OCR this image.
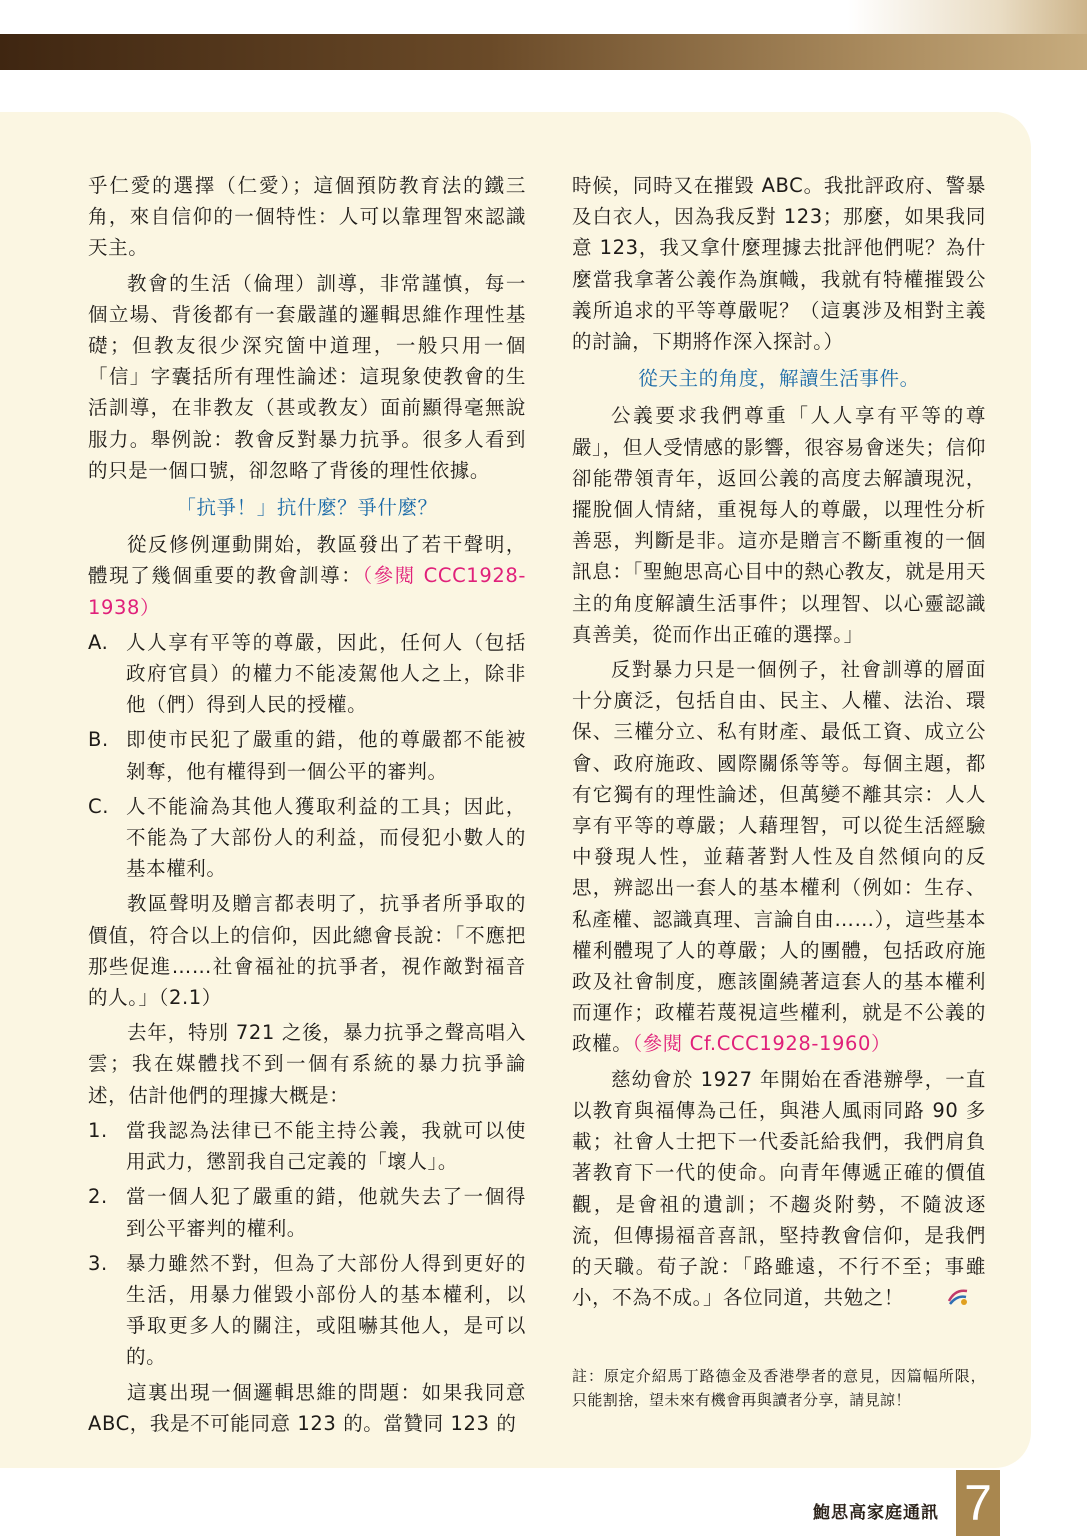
乎仁愛的選擇（仁愛）；這個預防教育法的鐵三角，來自信仰的一個特性：人可以靠理智來認識天主。

教會的生活（倫理）訓導，非常謹慎，每一個立場、背後都有一套嚴謹的邏輯思維作理性基礎；但教友很少深究箇中道理，一般只用一個「信」字囊括所有理性論述：這現象使教會的生活訓導，在非教友（甚或教友）面前顯得毫無說服力。舉例說：教會反對暴力抗爭。很多人看到的只是一個口號，卻忽略了背後的理性依據。

「抗爭！」抗什麼？爭什麼？

從反修例運動開始，教區發出了若干聲明，體現了幾個重要的教會訓導：（參閱 CCC1928-1938）

A. 人人享有平等的尊嚴，因此，任何人（包括政府官員）的權力不能凌駕他人之上，除非他（們）得到人民的授權。
B. 即使市民犯了嚴重的錯，他的尊嚴都不能被剝奪，他有權得到一個公平的審判。
C. 人不能淪為其他人獲取利益的工具；因此，不能為了大部份人的利益，而侵犯小數人的基本權利。

教區聲明及贈言都表明了，抗爭者所爭取的價值，符合以上的信仰，因此總會長說：「不應把那些促進……社會福祉的抗爭者，視作敵對福音的人。」（2.1）

去年，特別 721 之後，暴力抗爭之聲高唱入雲；我在媒體找不到一個有系統的暴力抗爭論述，估計他們的理據大概是：

1. 當我認為法律已不能主持公義，我就可以使用武力，懲罰我自己定義的「壞人」。
2. 當一個人犯了嚴重的錯，他就失去了一個得到公平審判的權利。
3. 暴力雖然不對，但為了大部份人得到更好的生活，用暴力催毀小部份人的基本權利，以爭取更多人的關注，或阻嚇其他人，是可以的。

這裏出現一個邏輯思維的問題：如果我同意 ABC，我是不可能同意 123 的。當贊同 123 的

時候，同時又在摧毀 ABC。我批評政府、警暴及白衣人，因為我反對 123；那麼，如果我同意 123，我又拿什麼理據去批評他們呢？為什麼當我拿著公義作為旗幟，我就有特權摧毀公義所追求的平等尊嚴呢？（這裏涉及相對主義的討論，下期將作深入探討。）

從天主的角度，解讀生活事件。

公義要求我們尊重「人人享有平等的尊嚴」，但人受情感的影響，很容易會迷失；信仰卻能帶領青年，返回公義的高度去解讀現況，擺脫個人情緒，重視每人的尊嚴，以理性分析善惡，判斷是非。這亦是贈言不斷重複的一個訊息：「聖鮑思高心目中的熱心教友，就是用天主的角度解讀生活事件；以理智、以心靈認識真善美，從而作出正確的選擇。」

反對暴力只是一個例子，社會訓導的層面十分廣泛，包括自由、民主、人權、法治、環保、三權分立、私有財產、最低工資、成立公會、政府施政、國際關係等等。每個主題，都有它獨有的理性論述，但萬變不離其宗：人人享有平等的尊嚴；人藉理智，可以從生活經驗中發現人性，並藉著對人性及自然傾向的反思，辨認出一套人的基本權利（例如：生存、私產權、認識真理、言論自由……），這些基本權利體現了人的尊嚴；人的團體，包括政府施政及社會制度，應該圍繞著這套人的基本權利而運作；政權若蔑視這些權利，就是不公義的政權。（參閱 Cf.CCC1928-1960）

慈幼會於 1927 年開始在香港辦學，一直以教育與福傳為己任，與港人風雨同路 90 多載；社會人士把下一代委託給我們，我們肩負著教育下一代的使命。向青年傳遞正確的價值觀，是會祖的遺訓；不趨炎附勢，不隨波逐流，但傳揚福音喜訊，堅持教會信仰，是我們的天職。荀子說：「路雖遠，不行不至；事雖小，不為不成。」各位同道，共勉之！

註：原定介紹馬丁路德金及香港學者的意見，因篇幅所限，只能割捨，望未來有機會再與讀者分享，請見諒！
鮑思高家庭通訊 7
